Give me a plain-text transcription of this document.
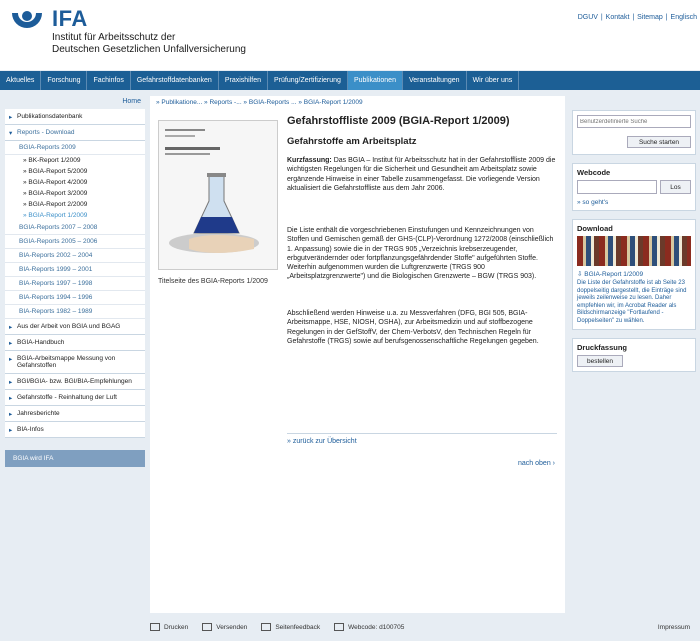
IFA
Institut für Arbeitsschutz der
Deutschen Gesetzlichen Unfallversicherung
DGUV | Kontakt | Sitemap | Englisch
Aktuelles	Forschung	Fachinfos	Gefahrstoffdatenbanken	Praxishilfen	Prüfung/Zertifizierung	Publikationen	Veranstaltungen	Wir über uns
Home
▸ Publikationsdatenbank
▾ Reports - Download
BGIA-Reports 2009
» BK-Report 1/2009
» BGIA-Report 5/2009
» BGIA-Report 4/2009
» BGIA-Report 3/2009
» BGIA-Report 2/2009
» BGIA-Report 1/2009
BGIA-Reports 2007 – 2008
BGIA-Reports 2005 – 2006
BIA-Reports 2002 – 2004
BIA-Reports 1999 – 2001
BIA-Reports 1997 – 1998
BIA-Reports 1994 – 1996
BIA-Reports 1982 – 1989
▸ Aus der Arbeit von BGIA und BGAG
▸ BGIA-Handbuch
▸ BGIA-Arbeitsmappe Messung von Gefahrstoffen
▸ BGI/BGIA- bzw. BGI/BIA-Empfehlungen
▸ Gefahrstoffe - Reinhaltung der Luft
▸ Jahresberichte
▸ BIA-Infos
BGIA wird IFA
» Publikatione... » Reports -... » BGIA-Reports ... » BGIA-Report 1/2009
Titelseite des BGIA-Reports 1/2009
Gefahrstoffliste 2009 (BGIA-Report 1/2009)
Gefahrstoffe am Arbeitsplatz
Kurzfassung: Das BGIA – Institut für Arbeitsschutz hat in der Gefahrstoffliste 2009 die wichtigsten Regelungen für die Sicherheit und Gesundheit am Arbeitsplatz sowie ergänzende Hinweise in einer Tabelle zusammengefasst. Die vorliegende Version aktualisiert die Gefahrstoffliste aus dem Jahr 2006.
Die Liste enthält die vorgeschriebenen Einstufungen und Kennzeichnungen von Stoffen und Gemischen gemäß der GHS-(CLP)-Verordnung 1272/2008 (einschließlich 1. Anpassung) sowie die in der TRGS 905 „Verzeichnis krebserzeugender, erbgutverändernder oder fortpflanzungsgefährdender Stoffe" aufgeführten Stoffe. Weiterhin aufgenommen wurden die Luftgrenzwerte (TRGS 900 „Arbeitsplatzgrenzwerte") und die Biologischen Grenzwerte – BGW (TRGS 903).
Abschließend werden Hinweise u.a. zu Messverfahren (DFG, BGI 505, BGIA-Arbeitsmappe, HSE, NIOSH, OSHA), zur Arbeitsmedizin und auf stoffbezogene Regelungen in der GefStoffV, der Chem-VerbotsV, den Technischen Regeln für Gefahrstoffe (TRGS) sowie auf berufsgenossenschaftliche Regelungen gegeben.
» zurück zur Übersicht
nach oben ›
Drucken	Versenden	Seitenfeedback	Webcode: d100705	Impressum
Benutzerdefinierte Suche
Suche starten
Webcode
Los
» so geht's
Download
⇩ BGIA-Report 1/2009
Die Liste der Gefahrstoffe ist ab Seite 23 doppelseitig dargestellt, die Einträge sind jeweils zeilenweise zu lesen. Daher empfehlen wir, im Acrobat Reader als Bildschirmanzeige "Fortlaufend - Doppelseiten" zu wählen.
Druckfassung
bestellen
